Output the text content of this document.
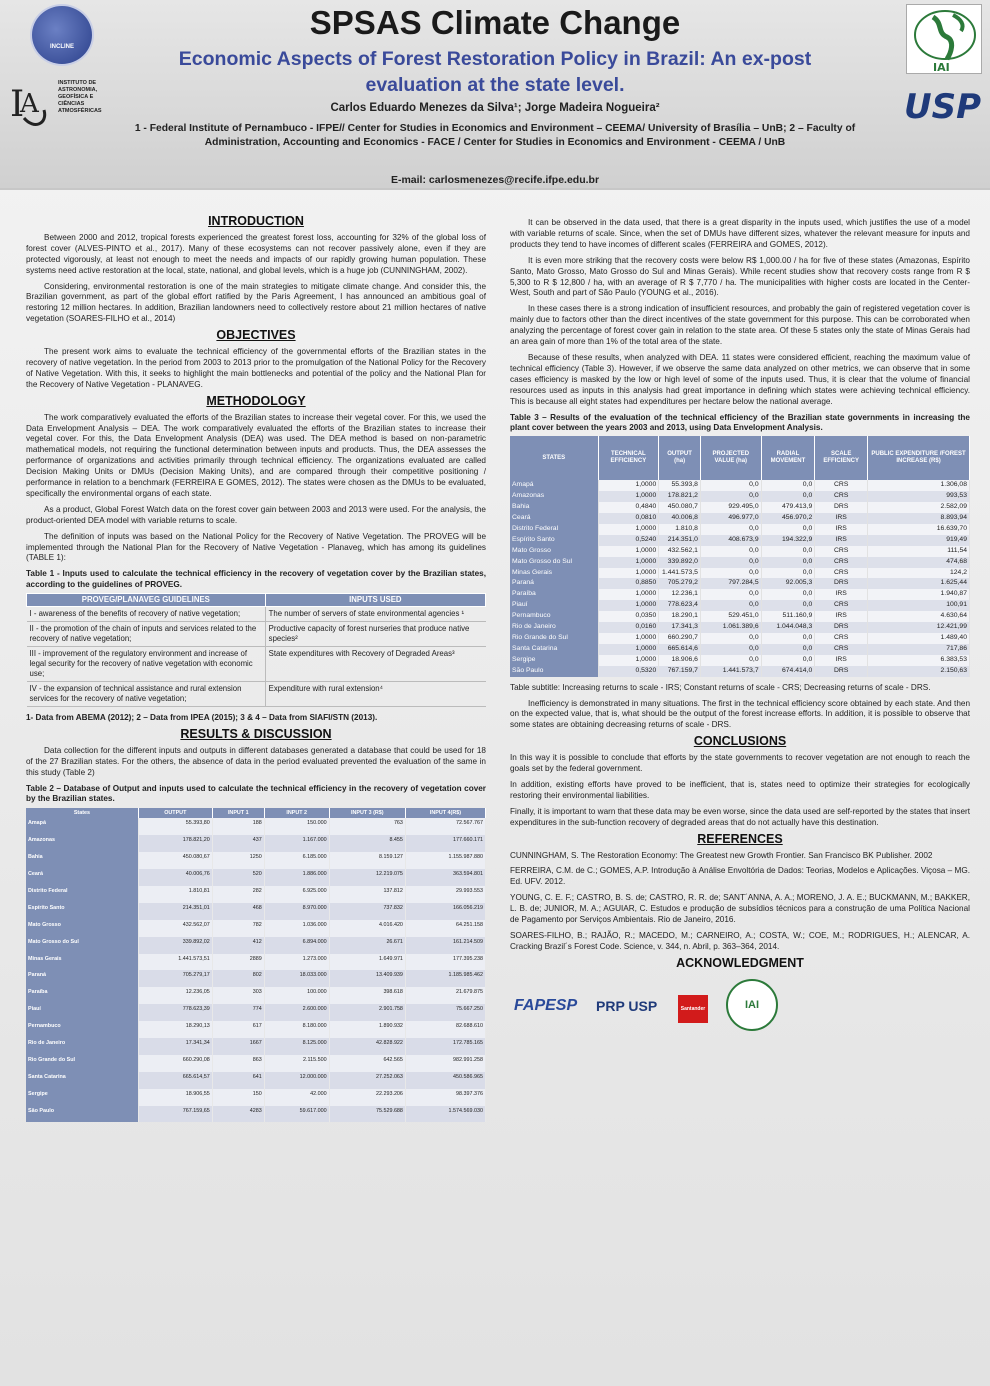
INCLINE
I
A
INSTITUTO DE ASTRONOMIA, GEOFÍSICA E CIÊNCIAS ATMOSFÉRICAS
SPSAS Climate Change
Economic Aspects of Forest Restoration Policy in Brazil: An ex-post evaluation at the state level.
Carlos Eduardo Menezes da Silva¹; Jorge Madeira Nogueira²
1 - Federal Institute of Pernambuco - IFPE// Center for Studies in Economics and Environment – CEEMA/ University of Brasília – UnB; 2 – Faculty of Administration, Accounting and Economics - FACE / Center for Studies in Economics and Environment - CEEMA / UnB
E-mail: carlosmenezes@recife.ifpe.edu.br
IAI
USP
INTRODUCTION

Between 2000 and 2012, tropical forests experienced the greatest forest loss, accounting for 32% of the global loss of forest cover (ALVES-PINTO et al., 2017). Many of these ecosystems can not recover passively alone, even if they are protected vigorously, at least not enough to meet the needs and impacts of our rapidly growing human population. These systems need active restoration at the local, state, national, and global levels, which is a huge job (CUNNINGHAM, 2002).

Considering, environmental restoration is one of the main strategies to mitigate climate change. And consider this, the Brazilian government, as part of the global effort ratified by the Paris Agreement, I has announced an ambitious goal of restoring 12 million hectares. In addition, Brazilian landowners need to collectively restore about 21 million hectares of native vegetation (SOARES-FILHO et al., 2014)

OBJECTIVES

The present work aims to evaluate the technical efficiency of the governmental efforts of the Brazilian states in the recovery of native vegetation. In the period from 2003 to 2013 prior to the promulgation of the National Policy for the Recovery of Native Vegetation. With this, it seeks to highlight the main bottlenecks and potential of the policy and the National Plan for the Recovery of Native Vegetation - PLANAVEG.

METHODOLOGY

The work comparatively evaluated the efforts of the Brazilian states to increase their vegetal cover. For this, we used the Data Envelopment Analysis – DEA. The work comparatively evaluated the efforts of the Brazilian states to increase their vegetal cover. For this, the Data Envelopment Analysis (DEA) was used. The DEA method is based on non-parametric mathematical models, not requiring the functional determination between inputs and products. Thus, the DEA assesses the performance of organizations and activities primarily through technical efficiency. The organizations evaluated are called Decision Making Units or DMUs (Decision Making Units), and are compared through their competitive positioning / performance in relation to a benchmark (FERREIRA E GOMES, 2012). The states were chosen as the DMUs to be evaluated, specifically the environmental organs of each state.

As a product, Global Forest Watch data on the forest cover gain between 2003 and 2013 were used. For the analysis, the product-oriented DEA model with variable returns to scale.

The definition of inputs was based on the National Policy for the Recovery of Native Vegetation. The PROVEG will be implemented through the National Plan for the Recovery of Native Vegetation - Planaveg, which has among its guidelines (TABLE 1):

Table 1 - Inputs used to calculate the technical efficiency in the recovery of vegetation cover by the Brazilian states, according to the guidelines of PROVEG.
PROVEG/PLANAVEG GUIDELINES	INPUTS USED
I - awareness of the benefits of recovery of native vegetation;	The number of servers of state environmental agencies ¹
II - the promotion of the chain of inputs and services related to the recovery of native vegetation;	Productive capacity of forest nurseries that produce native species²
III - improvement of the regulatory environment and increase of legal security for the recovery of native vegetation with economic use;	State expenditures with Recovery of Degraded Areas³
IV - the expansion of technical assistance and rural extension services for the recovery of native vegetation;	Expenditure with rural extension⁴

1- Data from ABEMA (2012); 2 – Data from IPEA (2015); 3 & 4 – Data from SIAFI/STN (2013).

RESULTS & DISCUSSION

Data collection for the different inputs and outputs in different databases generated a database that could be used for 18 of the 27 Brazilian states. For the others, the absence of data in the period evaluated prevented the evaluation of the same in this study (Table 2)

Table 2 – Database of Output and inputs used to calculate the technical efficiency in the recovery of vegetation cover by the Brazilian states.
States	OUTPUT	INPUT 1	INPUT 2	INPUT 3 (R$)	INPUT 4(R$)
Amapá	55.393,80	188	150.000	763	72.567.767
Amazonas	178.821,20	437	1.167.000	8.455	177.660.171
Bahia	450.080,67	1250	6.185.000	8.159.127	1.155.987.880
Ceará	40.006,76	520	1.886.000	12.219.075	363.594.801
Distrito Federal	1.810,81	282	6.925.000	137.812	29.993.553
Espírito Santo	214.351,01	468	8.970.000	737.832	166.056.219
Mato Grosso	432.562,07	782	1.036.000	4.016.420	64.251.158
Mato Grosso do Sul	339.892,02	412	6.894.000	26.671	161.214.509
Minas Gerais	1.441.573,51	2889	1.273.000	1.649.971	177.395.238
Paraná	705.279,17	802	18.033.000	13.409.939	1.185.985.462
Paraíba	12.236,05	303	100.000	398.618	21.679.875
Piauí	778.623,39	774	2.600.000	2.901.758	75.667.250
Pernambuco	18.290,13	617	8.180.000	1.890.932	82.688.610
Rio de Janeiro	17.341,34	1667	8.125.000	42.828.922	172.785.165
Rio Grande do Sul	660.290,08	863	2.115.500	642.565	982.991.258
Santa Catarina	665.614,57	641	12.000.000	27.252.063	450.586.965
Sergipe	18.906,55	150	42.000	22.293.206	98.397.376
São Paulo	767.159,65	4283	59.617.000	75.529.688	1.574.569.030

It can be observed in the data used, that there is a great disparity in the inputs used, which justifies the use of a model with variable returns of scale. Since, when the set of DMUs have different sizes, whatever the relevant measure for inputs and products they tend to have incomes of different scales (FERREIRA and GOMES, 2012).

It is even more striking that the recovery costs were below R$ 1,000.00 / ha for five of these states (Amazonas, Espírito Santo, Mato Grosso, Mato Grosso do Sul and Minas Gerais). While recent studies show that recovery costs range from R $ 5,300 to R $ 12,800 / ha, with an average of R $ 7,770 / ha. The municipalities with higher costs are located in the Center-West, South and part of São Paulo (YOUNG et al., 2016).

In these cases there is a strong indication of insufficient resources, and probably the gain of registered vegetation cover is mainly due to factors other than the direct incentives of the state government for this purpose. This can be corroborated when analyzing the percentage of forest cover gain in relation to the state area. Of these 5 states only the state of Minas Gerais had an area gain of more than 1% of the total area of the state.

Because of these results, when analyzed with DEA. 11 states were considered efficient, reaching the maximum value of technical efficiency (Table 3). However, if we observe the same data analyzed on other metrics, we can observe that in some cases efficiency is masked by the low or high level of some of the inputs used. Thus, it is clear that the volume of financial resources used as inputs in this analysis had great importance in defining which states were achieving technical efficiency. This is because all eight states had expenditures per hectare below the national average.

Table 3 – Results of the evaluation of the technical efficiency of the Brazilian state governments in increasing the plant cover between the years 2003 and 2013, using Data Envelopment Analysis.
STATES	TECHNICAL EFFICIENCY	OUTPUT (ha)	PROJECTED VALUE (ha)	RADIAL MOVEMENT	SCALE EFFICIENCY	PUBLIC EXPENDITURE /FOREST INCREASE (R$)
Amapá	1,0000	55.393,8	0,0	0,0	CRS	1.306,08
Amazonas	1,0000	178.821,2	0,0	0,0	CRS	993,53
Bahia	0,4840	450.080,7	929.495,0	479.413,9	DRS	2.582,09
Ceará	0,0810	40.006,8	496.977,0	456.970,2	IRS	8.893,94
Distrito Federal	1,0000	1.810,8	0,0	0,0	IRS	16.639,70
Espírito Santo	0,5240	214.351,0	408.673,9	194.322,9	IRS	919,49
Mato Grosso	1,0000	432.562,1	0,0	0,0	CRS	111,54
Mato Grosso do Sul	1,0000	339.892,0	0,0	0,0	CRS	474,68
Minas Gerais	1,0000	1.441.573,5	0,0	0,0	CRS	124,2
Paraná	0,8850	705.279,2	797.284,5	92.005,3	DRS	1.625,44
Paraíba	1,0000	12.236,1	0,0	0,0	IRS	1.940,87
Piauí	1,0000	778.623,4	0,0	0,0	CRS	100,91
Pernambuco	0,0350	18.290,1	529.451,0	511.160,9	IRS	4.630,64
Rio de Janeiro	0,0160	17.341,3	1.061.389,6	1.044.048,3	DRS	12.421,99
Rio Grande do Sul	1,0000	660.290,7	0,0	0,0	CRS	1.489,40
Santa Catarina	1,0000	665.614,6	0,0	0,0	CRS	717,86
Sergipe	1,0000	18.906,6	0,0	0,0	IRS	6.383,53
São Paulo	0,5320	767.159,7	1.441.573,7	674.414,0	DRS	2.150,63

Table subtitle: Increasing returns to scale - IRS; Constant returns of scale - CRS; Decreasing returns of scale - DRS.

Inefficiency is demonstrated in many situations. The first in the technical efficiency score obtained by each state. And then on the expected value, that is, what should be the output of the forest increase efforts. In addition, it is possible to observe that some states are obtaining decreasing returns of scale - DRS.

CONCLUSIONS

In this way it is possible to conclude that efforts by the state governments to recover vegetation are not enough to reach the goals set by the federal government.

In addition, existing efforts have proved to be inefficient, that is, states need to optimize their strategies for ecologically restoring their environmental liabilities.

Finally, it is important to warn that these data may be even worse, since the data used are self-reported by the states that insert expenditures in the sub-function recovery of degraded areas that do not actually have this destination.

REFERENCES

CUNNINGHAM, S. The Restoration Economy: The Greatest new Growth Frontier. San Francisco BK Publisher. 2002

FERREIRA, C.M. de C.; GOMES, A.P. Introdução à Análise Envoltória de Dados: Teorias, Modelos e Aplicações. Viçosa – MG. Ed. UFV. 2012.

YOUNG, C. E. F.; CASTRO, B. S. de; CASTRO, R. R. de; SANT´ANNA, A. A.; MORENO, J. A. E.; BUCKMANN, M.; BAKKER, L. B. de; JUNIOR, M. A.; AGUIAR, C. Estudos e produção de subsídios técnicos para a construção de uma Política Nacional de Pagamento por Serviços Ambientais. Rio de Janeiro, 2016.

SOARES-FILHO, B.; RAJÃO, R.; MACEDO, M.; CARNEIRO, A.; COSTA, W.; COE, M.; RODRIGUES, H.; ALENCAR, A. Cracking Brazil´s Forest Code. Science, v. 344, n. Abril, p. 363–364, 2014.

ACKNOWLEDGMENT
FAPESP PRP USP	Santander	IAI
